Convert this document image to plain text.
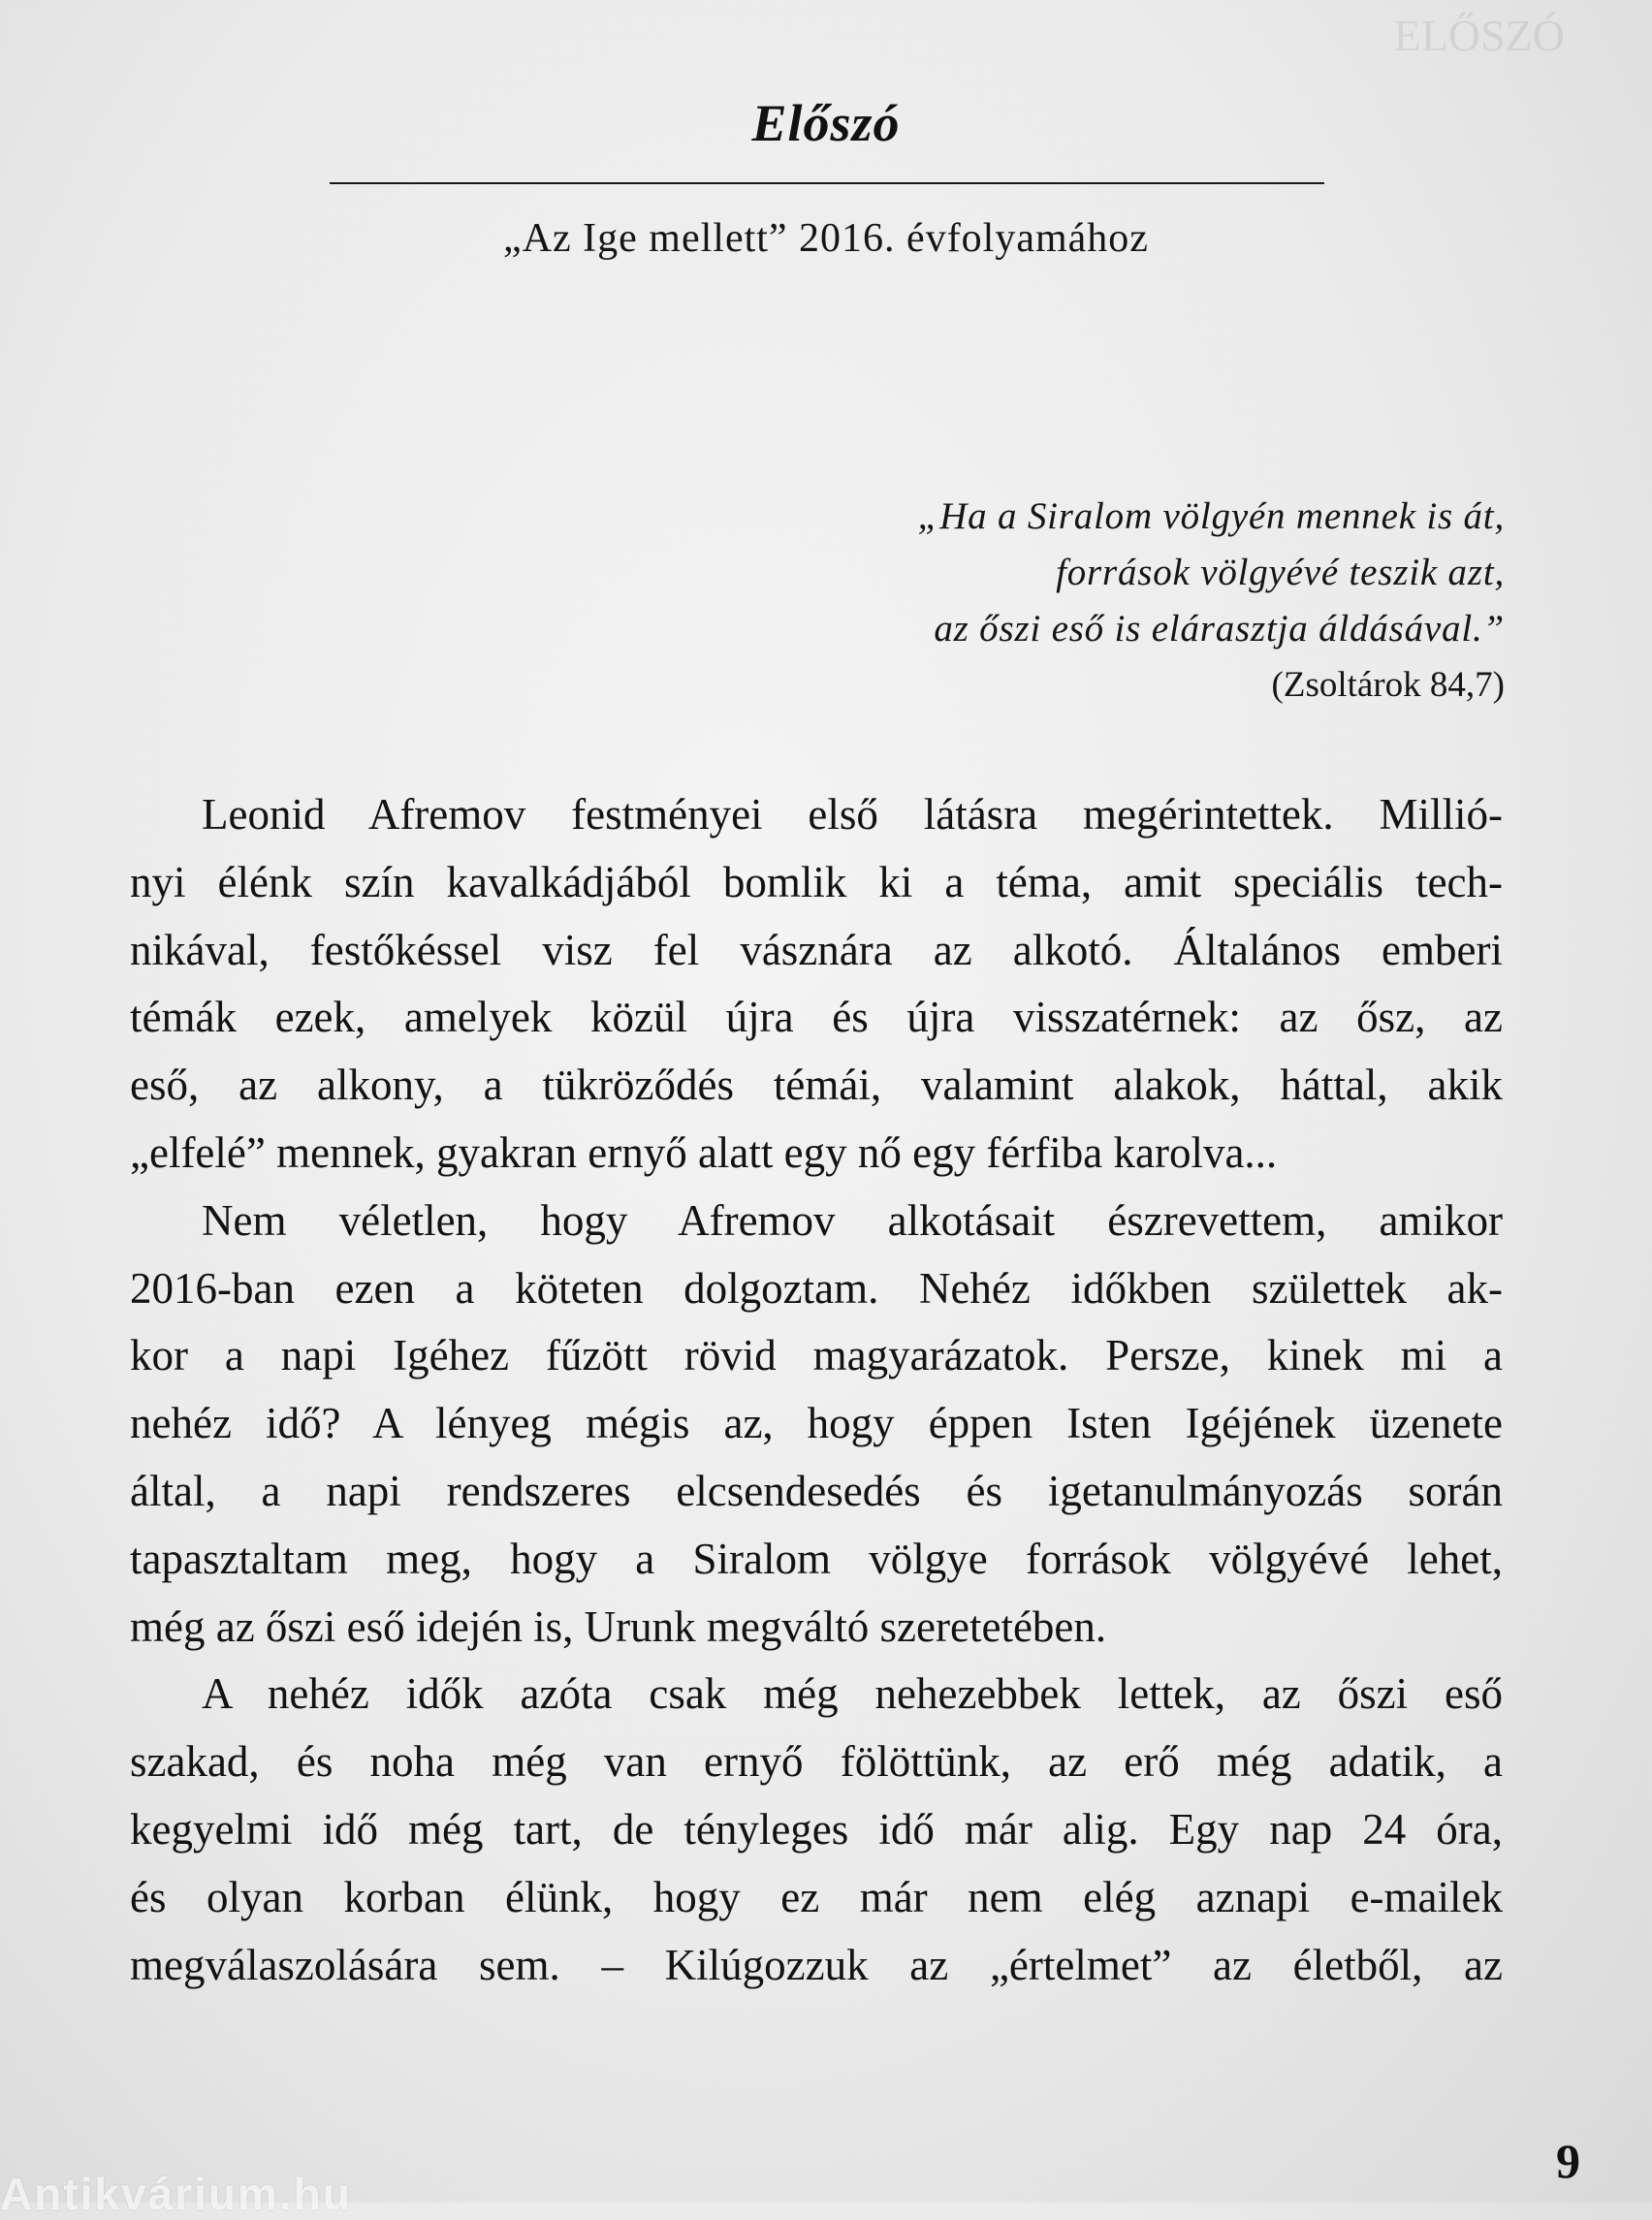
ELŐSZÓ
Előszó
„Az Ige mellett” 2016. évfolyamához
„Ha a Siralom völgyén mennek is át,
források völgyévé teszik azt,
az őszi eső is elárasztja áldásával.”
(Zsoltárok 84,7)
Leonid Afremov festményei első látásra megérintettek. Millió-
nyi élénk szín kavalkádjából bomlik ki a téma, amit speciális tech-
nikával, festőkéssel visz fel vásznára az alkotó. Általános emberi
témák ezek, amelyek közül újra és újra visszatérnek: az ősz, az
eső, az alkony, a tükröződés témái, valamint alakok, háttal, akik
„elfelé” mennek, gyakran ernyő alatt egy nő egy férfiba karolva...
Nem véletlen, hogy Afremov alkotásait észrevettem, amikor
2016-ban ezen a köteten dolgoztam. Nehéz időkben születtek ak-
kor a napi Igéhez fűzött rövid magyarázatok. Persze, kinek mi a
nehéz idő? A lényeg mégis az, hogy éppen Isten Igéjének üzenete
által, a napi rendszeres elcsendesedés és igetanulmányozás során
tapasztaltam meg, hogy a Siralom völgye források völgyévé lehet,
még az őszi eső idején is, Urunk megváltó szeretetében.
A nehéz idők azóta csak még nehezebbek lettek, az őszi eső
szakad, és noha még van ernyő fölöttünk, az erő még adatik, a
kegyelmi idő még tart, de tényleges idő már alig. Egy nap 24 óra,
és olyan korban élünk, hogy ez már nem elég aznapi e-mailek
megválaszolására sem. – Kilúgozzuk az „értelmet” az életből, az
9
Antikvárium.hu
